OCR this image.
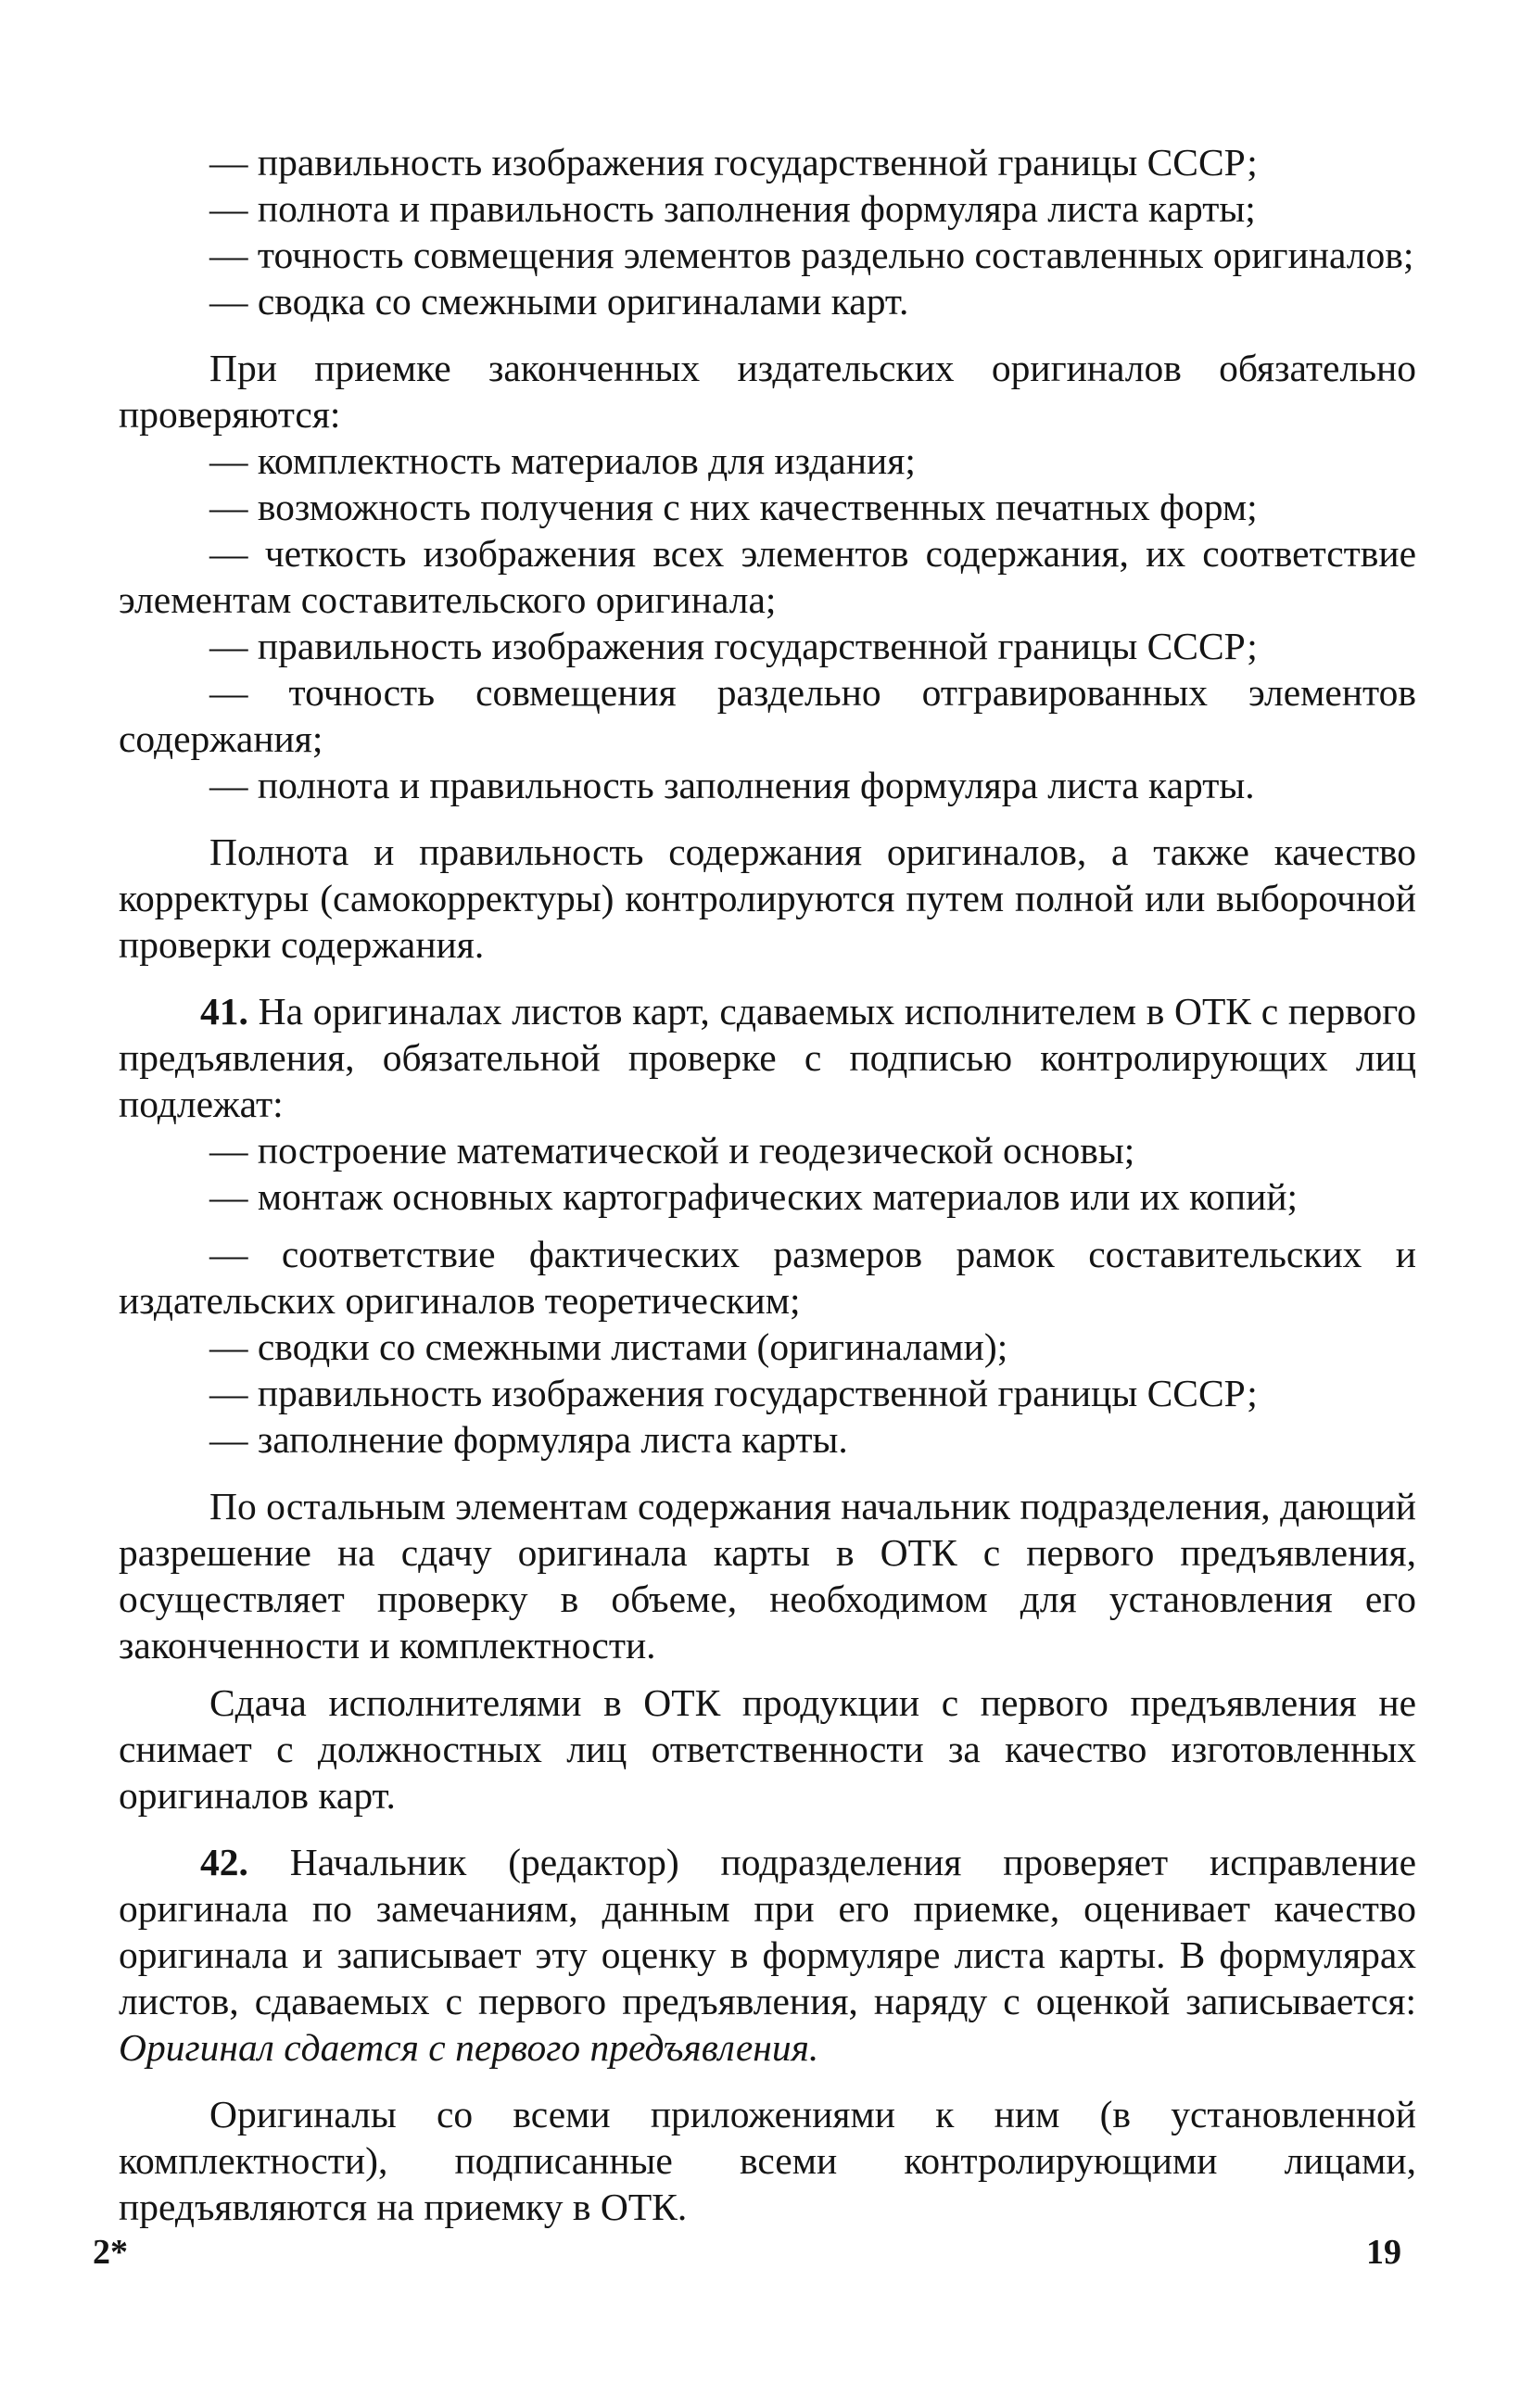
— правильность изображения государственной границы СССР;

— полнота и правильность заполнения формуляра листа карты;

— точность совмещения элементов раздельно составленных оригиналов;

— сводка со смежными оригиналами карт.

При приемке законченных издательских оригиналов обязательно проверяются:

— комплектность материалов для издания;

— возможность получения с них качественных печатных форм;

— четкость изображения всех элементов содержания, их соответствие элементам составительского оригинала;

— правильность изображения государственной границы СССР;

— точность совмещения раздельно отгравированных элементов содержания;

— полнота и правильность заполнения формуляра листа карты.

Полнота и правильность содержания оригиналов, а также качество корректуры (самокорректуры) контролируются путем полной или выборочной проверки содержания.

41. На оригиналах листов карт, сдаваемых исполнителем в ОТК с первого предъявления, обязательной проверке с подписью контролирующих лиц подлежат:

— построение математической и геодезической основы;

— монтаж основных картографических материалов или их копий;

— соответствие фактических размеров рамок составительских и издательских оригиналов теоретическим;

— сводки со смежными листами (оригиналами);

— правильность изображения государственной границы СССР;

— заполнение формуляра листа карты.

По остальным элементам содержания начальник подразделения, дающий разрешение на сдачу оригинала карты в ОТК с первого предъявления, осуществляет проверку в объеме, необходимом для установления его законченности и комплектности.

Сдача исполнителями в ОТК продукции с первого предъявления не снимает с должностных лиц ответственности за качество изготовленных оригиналов карт.

42. Начальник (редактор) подразделения проверяет исправление оригинала по замечаниям, данным при его приемке, оценивает качество оригинала и записывает эту оценку в формуляре листа карты. В формулярах листов, сдаваемых с первого предъявления, наряду с оценкой записывается: Оригинал сдается с первого предъявления.

Оригиналы со всеми приложениями к ним (в установленной комплектности), подписанные всеми контролирующими лицами, предъявляются на приемку в ОТК.

2*	19
